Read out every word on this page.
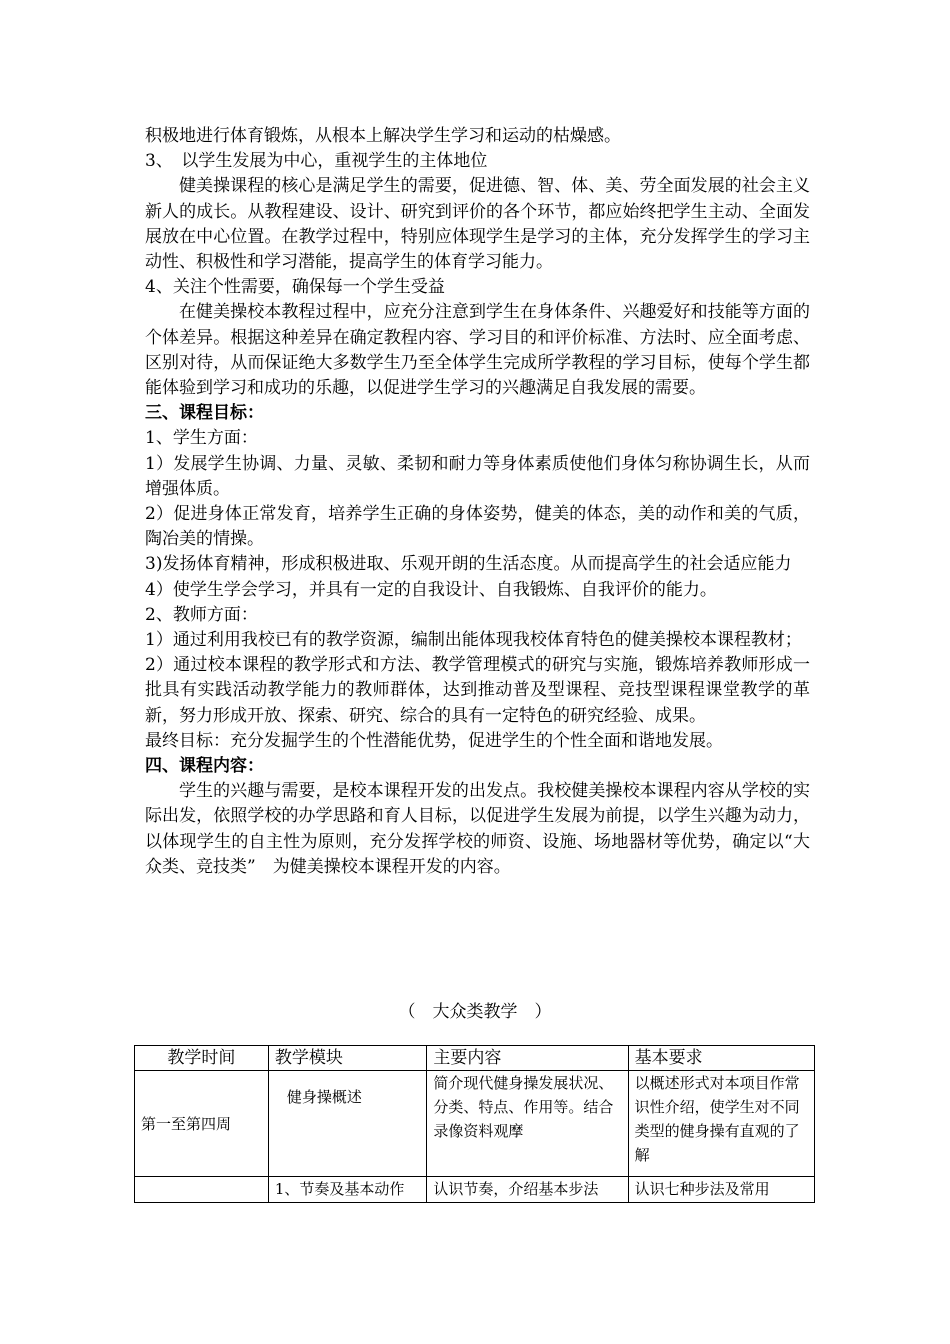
积极地进行体育锻炼，从根本上解决学生学习和运动的枯燥感。

3、　以学生发展为中心，重视学生的主体地位

健美操课程的核心是满足学生的需要，促进德、智、体、美、劳全面发展的社会主义新人的成长。从教程建设、设计、研究到评价的各个环节，都应始终把学生主动、全面发展放在中心位置。在教学过程中，特别应体现学生是学习的主体，充分发挥学生的学习主动性、积极性和学习潜能，提高学生的体育学习能力。

4、关注个性需要，确保每一个学生受益

在健美操校本教程过程中，应充分注意到学生在身体条件、兴趣爱好和技能等方面的个体差异。根据这种差异在确定教程内容、学习目的和评价标准、方法时、应全面考虑、区别对待，从而保证绝大多数学生乃至全体学生完成所学教程的学习目标，使每个学生都能体验到学习和成功的乐趣，以促进学生学习的兴趣满足自我发展的需要。

三、课程目标：

1、学生方面：

1）发展学生协调、力量、灵敏、柔韧和耐力等身体素质使他们身体匀称协调生长，从而增强体质。

2）促进身体正常发育，培养学生正确的身体姿势，健美的体态，美的动作和美的气质，陶冶美的情操。

3)发扬体育精神，形成积极进取、乐观开朗的生活态度。从而提高学生的社会适应能力

4）使学生学会学习，并具有一定的自我设计、自我锻炼、自我评价的能力。

2、教师方面：

1）通过利用我校已有的教学资源，编制出能体现我校体育特色的健美操校本课程教材；

2）通过校本课程的教学形式和方法、教学管理模式的研究与实施，锻炼培养教师形成一批具有实践活动教学能力的教师群体，达到推动普及型课程、竞技型课程课堂教学的革新，努力形成开放、探索、研究、综合的具有一定特色的研究经验、成果。

最终目标：充分发掘学生的个性潜能优势，促进学生的个性全面和谐地发展。

四、课程内容：

学生的兴趣与需要，是校本课程开发的出发点。我校健美操校本课程内容从学校的实际出发，依照学校的办学思路和育人目标，以促进学生发展为前提，以学生兴趣为动力，以体现学生的自主性为原则，充分发挥学校的师资、设施、场地器材等优势，确定以“大众类、竞技类”　为健美操校本课程开发的内容。

（　大众类教学　）
教学时间	教学模块	主要内容	基本要求
第一至第四周	健身操概述	简介现代健身操发展状况、分类、特点、作用等。结合录像资料观摩	以概述形式对本项目作常识性介绍，使学生对不同类型的健身操有直观的了解
	1、节奏及基本动作	认识节奏，介绍基本步法	认识七种步法及常用
